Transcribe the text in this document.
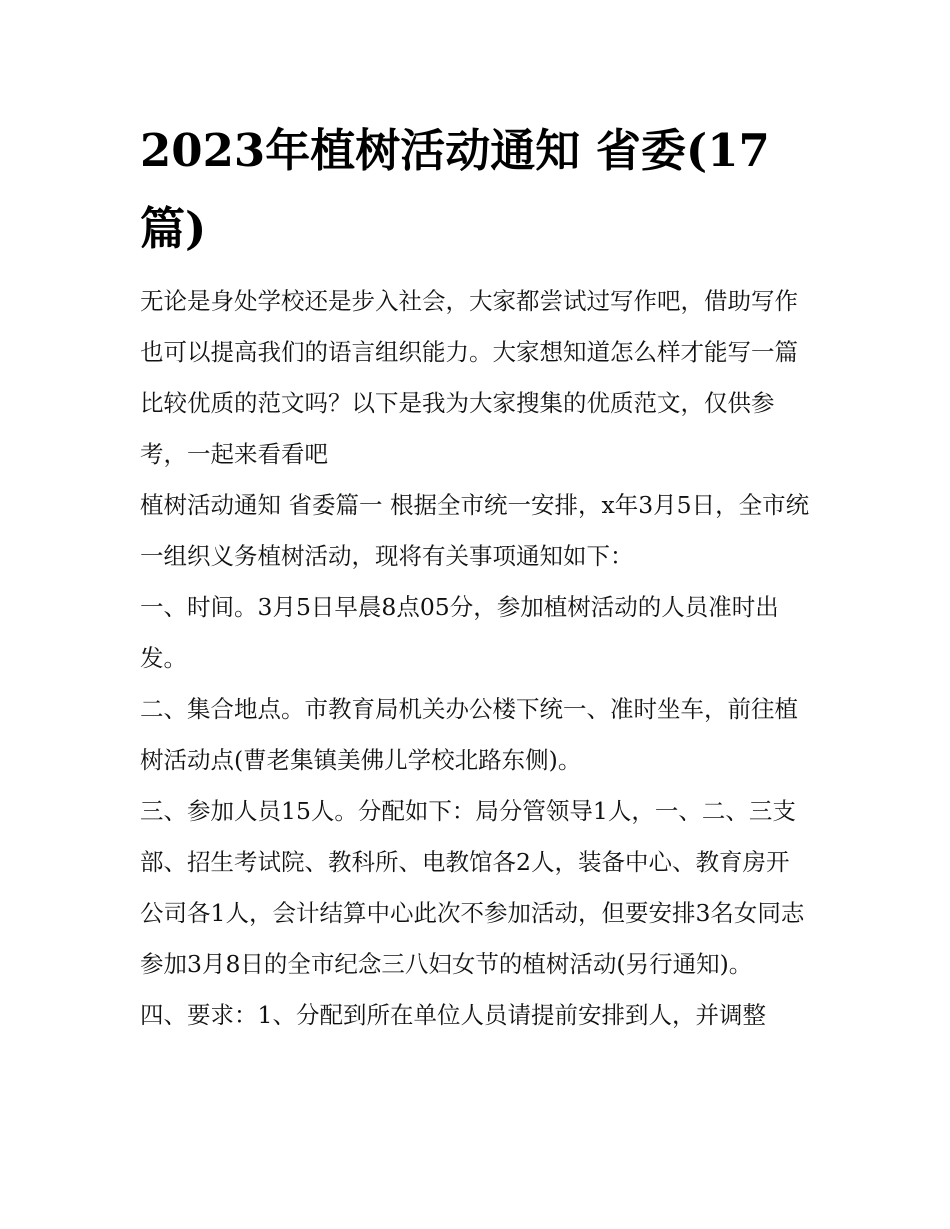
2023年植树活动通知 省委(17篇)

无论是身处学校还是步入社会，大家都尝试过写作吧，借助写作也可以提高我们的语言组织能力。大家想知道怎么样才能写一篇比较优质的范文吗？以下是我为大家搜集的优质范文，仅供参考，一起来看看吧

植树活动通知 省委篇一 根据全市统一安排，x年3月5日，全市统一组织义务植树活动，现将有关事项通知如下：

一、时间。3月5日早晨8点05分，参加植树活动的人员准时出发。

二、集合地点。市教育局机关办公楼下统一、准时坐车，前往植树活动点(曹老集镇美佛儿学校北路东侧)。

三、参加人员15人。分配如下：局分管领导1人，一、二、三支部、招生考试院、教科所、电教馆各2人，装备中心、教育房开公司各1人，会计结算中心此次不参加活动，但要安排3名女同志参加3月8日的全市纪念三八妇女节的植树活动(另行通知)。

四、要求：1、分配到所在单位人员请提前安排到人，并调整
